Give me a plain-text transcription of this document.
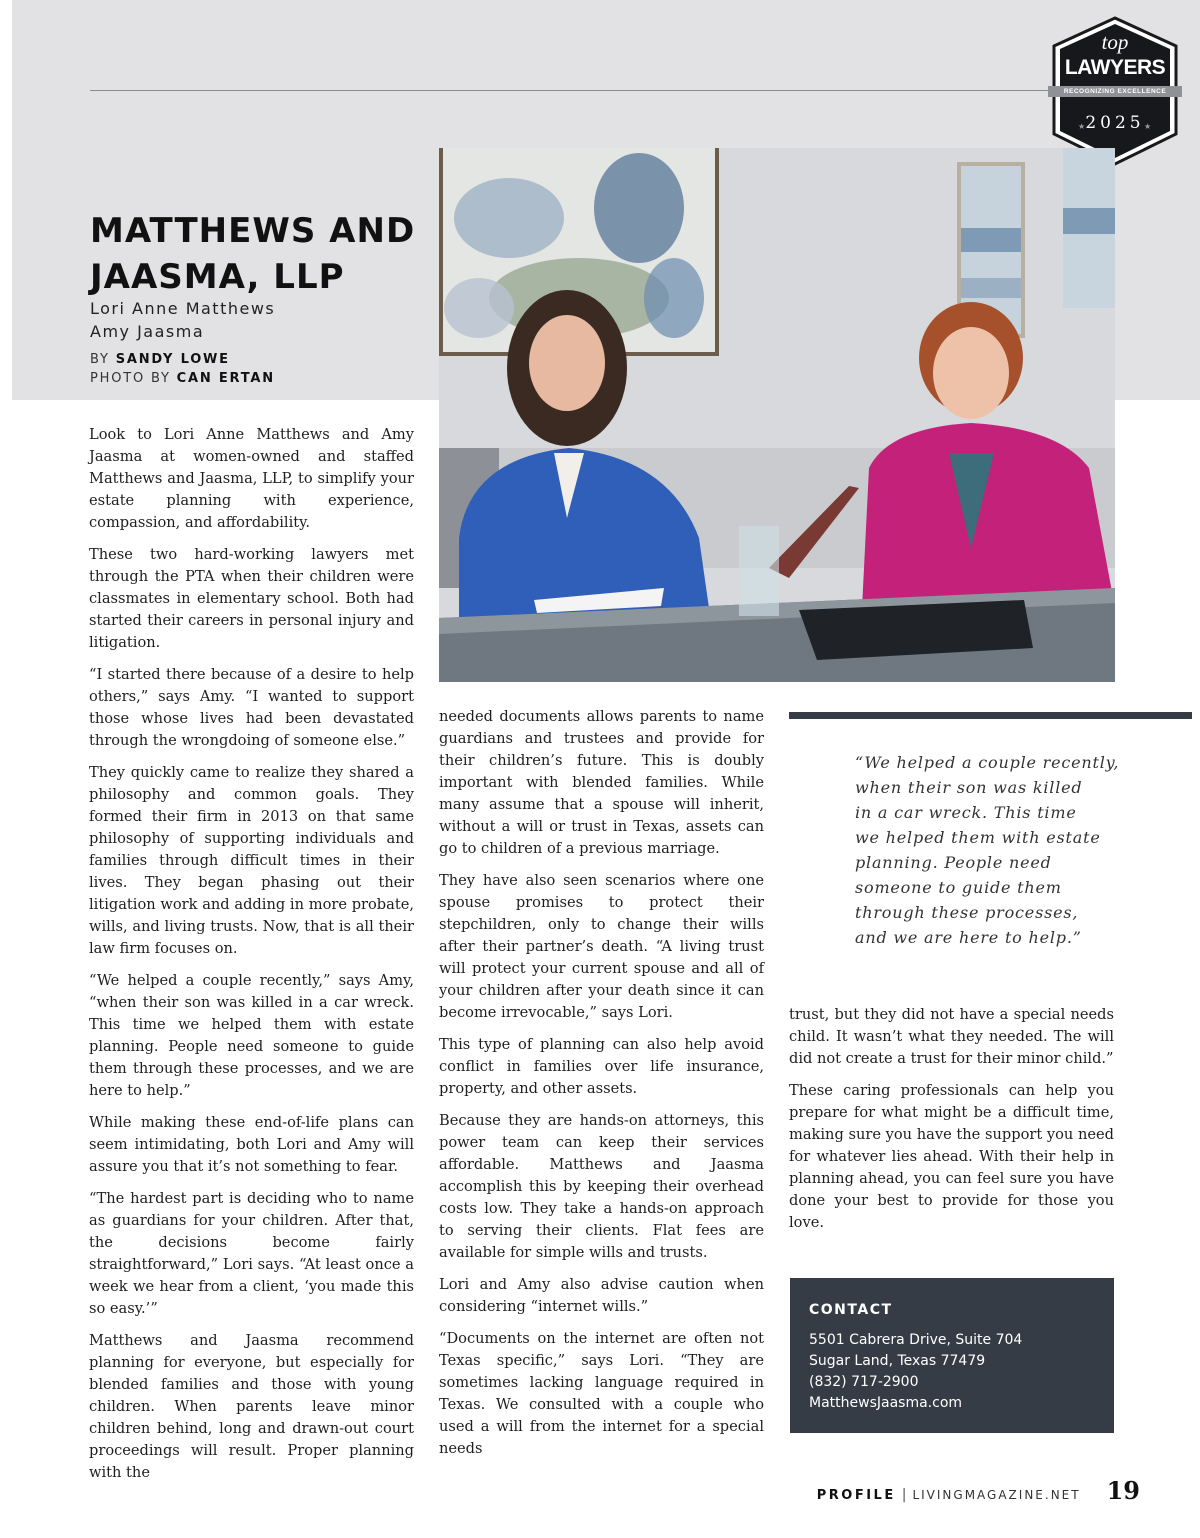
★	★
top
LAWYERS
RECOGNIZING EXCELLENCE
2025
MATTHEWS AND
JAASMA, LLP
Lori Anne Matthews
Amy Jaasma
BY SANDY LOWE
PHOTO BY CAN ERTAN

Look to Lori Anne Matthews and Amy Jaasma at women-owned and staffed Matthews and Jaasma, LLP, to simplify your estate planning with experience, compassion, and affordability.

These two hard-working lawyers met through the PTA when their children were classmates in elementary school. Both had started their careers in personal injury and litigation.

“I started there because of a desire to help others,” says Amy. “I wanted to support those whose lives had been devastated through the wrongdoing of someone else.”

They quickly came to realize they shared a philosophy and common goals. They formed their firm in 2013 on that same philosophy of supporting individuals and families through difficult times in their lives. They began phasing out their litigation work and adding in more probate, wills, and living trusts. Now, that is all their law firm focuses on.

“We helped a couple recently,” says Amy, “when their son was killed in a car wreck. This time we helped them with estate planning. People need someone to guide them through these processes, and we are here to help.”

While making these end-of-life plans can seem intimidating, both Lori and Amy will assure you that it’s not something to fear.

“The hardest part is deciding who to name as guardians for your children. After that, the decisions become fairly straightforward,” Lori says. “At least once a week we hear from a client, ‘you made this so easy.’”

Matthews and Jaasma recommend planning for everyone, but especially for blended families and those with young children. When parents leave minor children behind, long and drawn-out court proceedings will result. Proper planning with the

needed documents allows parents to name guardians and trustees and provide for their children’s future. This is doubly important with blended families. While many assume that a spouse will inherit, without a will or trust in Texas, assets can go to children of a previous marriage.

They have also seen scenarios where one spouse promises to protect their stepchildren, only to change their wills after their partner’s death. “A living trust will protect your current spouse and all of your children after your death since it can become irrevocable,” says Lori.

This type of planning can also help avoid conflict in families over life insurance, property, and other assets.

Because they are hands-on attorneys, this power team can keep their services affordable. Matthews and Jaasma accomplish this by keeping their overhead costs low. They take a hands-on approach to serving their clients. Flat fees are available for simple wills and trusts.

Lori and Amy also advise caution when considering “internet wills.”

“Documents on the internet are often not Texas specific,” says Lori. “They are sometimes lacking language required in Texas. We consulted with a couple who used a will from the internet for a special needs

“We helped a couple recently,
when their son was killed
in a car wreck. This time
we helped them with estate
planning. People need
someone to guide them
through these processes,
and we are here to help.”

trust, but they did not have a special needs child. It wasn’t what they needed. The will did not create a trust for their minor child.”

These caring professionals can help you prepare for what might be a difficult time, making sure you have the support you need for whatever lies ahead. With their help in planning ahead, you can feel sure you have done your best to provide for those you love.

CONTACT
5501 Cabrera Drive, Suite 704
Sugar Land, Texas 77479
(832) 717-2900
MatthewsJaasma.com
PROFILE | LIVINGMAGAZINE.NET 19
